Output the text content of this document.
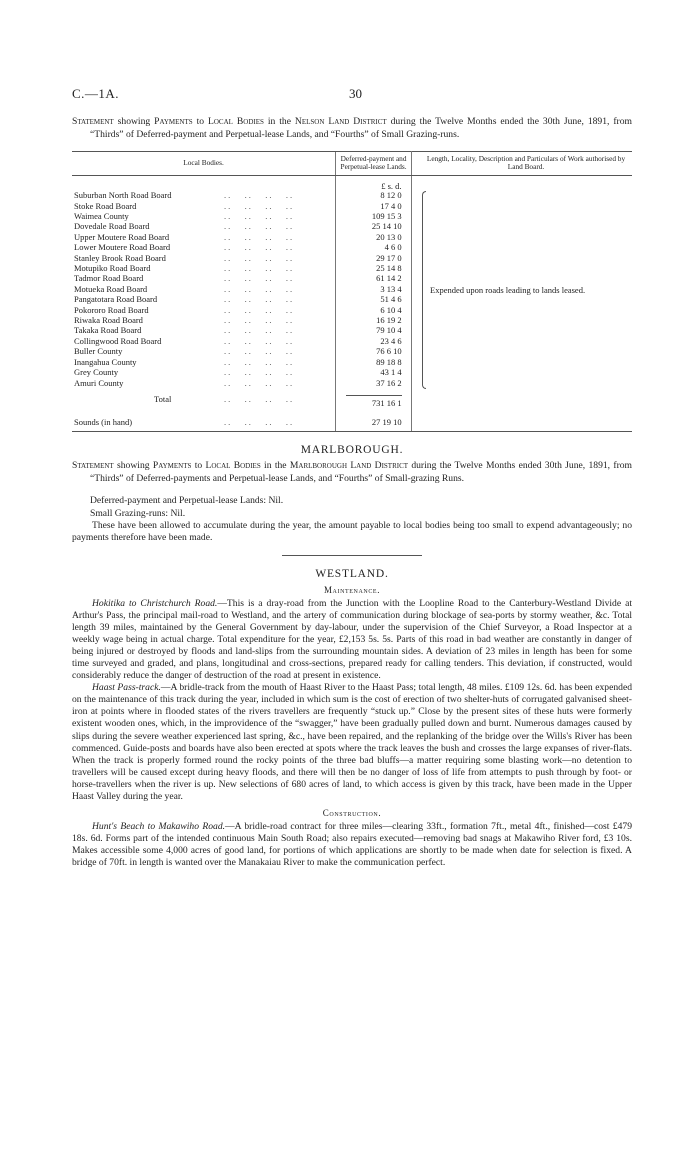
C.—1A.	30

Statement showing Payments to Local Bodies in the Nelson Land District during the Twelve Months ended the 30th June, 1891, from “Thirds” of Deferred-payment and Perpetual-lease Lands, and “Fourths” of Small Grazing-runs.

Local Bodies.	Deferred-payment and Perpetual-lease Lands.	Length, Locality, Description and Particulars of Work authorised by Land Board.
	£ s. d.	
Suburban North Road Board ..   ..   ..   ..	8 12 0	Expended upon roads leading to lands leased.
Stoke Road Board ..   ..   ..   ..	17 4 0	
Waimea County ..   ..   ..   ..	109 15 3	
Dovedale Road Board ..   ..   ..   ..	25 14 10	
Upper Moutere Road Board ..   ..   ..   ..	20 13 0	
Lower Moutere Road Board ..   ..   ..   ..	4 6 0	
Stanley Brook Road Board ..   ..   ..   ..	29 17 0	
Motupiko Road Board ..   ..   ..   ..	25 14 8	
Tadmor Road Board ..   ..   ..   ..	61 14 2	
Motueka Road Board ..   ..   ..   ..	3 13 4	
Pangatotara Road Board ..   ..   ..   ..	51 4 6	
Pokororo Road Board ..   ..   ..   ..	6 10 4	
Riwaka Road Board ..   ..   ..   ..	16 19 2	
Takaka Road Board ..   ..   ..   ..	79 10 4	
Collingwood Road Board ..   ..   ..   ..	23 4 6	
Buller County ..   ..   ..   ..	76 6 10	
Inangahua County ..   ..   ..   ..	89 18 8	
Grey County ..   ..   ..   ..	43 1 4	
Amuri County ..   ..   ..   ..	37 16 2	
Total ..   ..   ..   ..	731 16 1	
Sounds (in hand) ..   ..   ..   ..	27 19 10	
MARLBOROUGH.

Statement showing Payments to Local Bodies in the Marlborough Land District during the Twelve Months ended 30th June, 1891, from “Thirds” of Deferred-payments and Perpetual-lease Lands, and “Fourths” of Small-grazing Runs.

Deferred-payment and Perpetual-lease Lands: Nil.

Small Grazing-runs: Nil.

These have been allowed to accumulate during the year, the amount payable to local bodies being too small to expend advantageously; no payments therefore have been made.

WESTLAND.
Maintenance.

Hokitika to Christchurch Road.—This is a dray-road from the Junction with the Loopline Road to the Canterbury-Westland Divide at Arthur's Pass, the principal mail-road to Westland, and the artery of communication during blockage of sea-ports by stormy weather, &c. Total length 39 miles, maintained by the General Government by day-labour, under the supervision of the Chief Surveyor, a Road Inspector at a weekly wage being in actual charge. Total expenditure for the year, £2,153 5s. 5s. Parts of this road in bad weather are constantly in danger of being injured or destroyed by floods and land-slips from the surrounding mountain sides. A deviation of 23 miles in length has been for some time surveyed and graded, and plans, longitudinal and cross-sections, prepared ready for calling tenders. This deviation, if constructed, would considerably reduce the danger of destruction of the road at present in existence.

Haast Pass-track.—A bridle-track from the mouth of Haast River to the Haast Pass; total length, 48 miles. £109 12s. 6d. has been expended on the maintenance of this track during the year, included in which sum is the cost of erection of two shelter-huts of corrugated galvanised sheet-iron at points where in flooded states of the rivers travellers are frequently “stuck up.” Close by the present sites of these huts were formerly existent wooden ones, which, in the improvidence of the “swagger,” have been gradually pulled down and burnt. Numerous damages caused by slips during the severe weather experienced last spring, &c., have been repaired, and the replanking of the bridge over the Wills's River has been commenced. Guide-posts and boards have also been erected at spots where the track leaves the bush and crosses the large expanses of river-flats. When the track is properly formed round the rocky points of the three bad bluffs—a matter requiring some blasting work—no detention to travellers will be caused except during heavy floods, and there will then be no danger of loss of life from attempts to push through by foot- or horse-travellers when the river is up. New selections of 680 acres of land, to which access is given by this track, have been made in the Upper Haast Valley during the year.

Construction.

Hunt's Beach to Makawiho Road.—A bridle-road contract for three miles—clearing 33ft., formation 7ft., metal 4ft., finished—cost £479 18s. 6d. Forms part of the intended continuous Main South Road; also repairs executed—removing bad snags at Makawiho River ford, £3 10s. Makes accessible some 4,000 acres of good land, for portions of which applications are shortly to be made when date for selection is fixed. A bridge of 70ft. in length is wanted over the Manakaiau River to make the communication perfect.
